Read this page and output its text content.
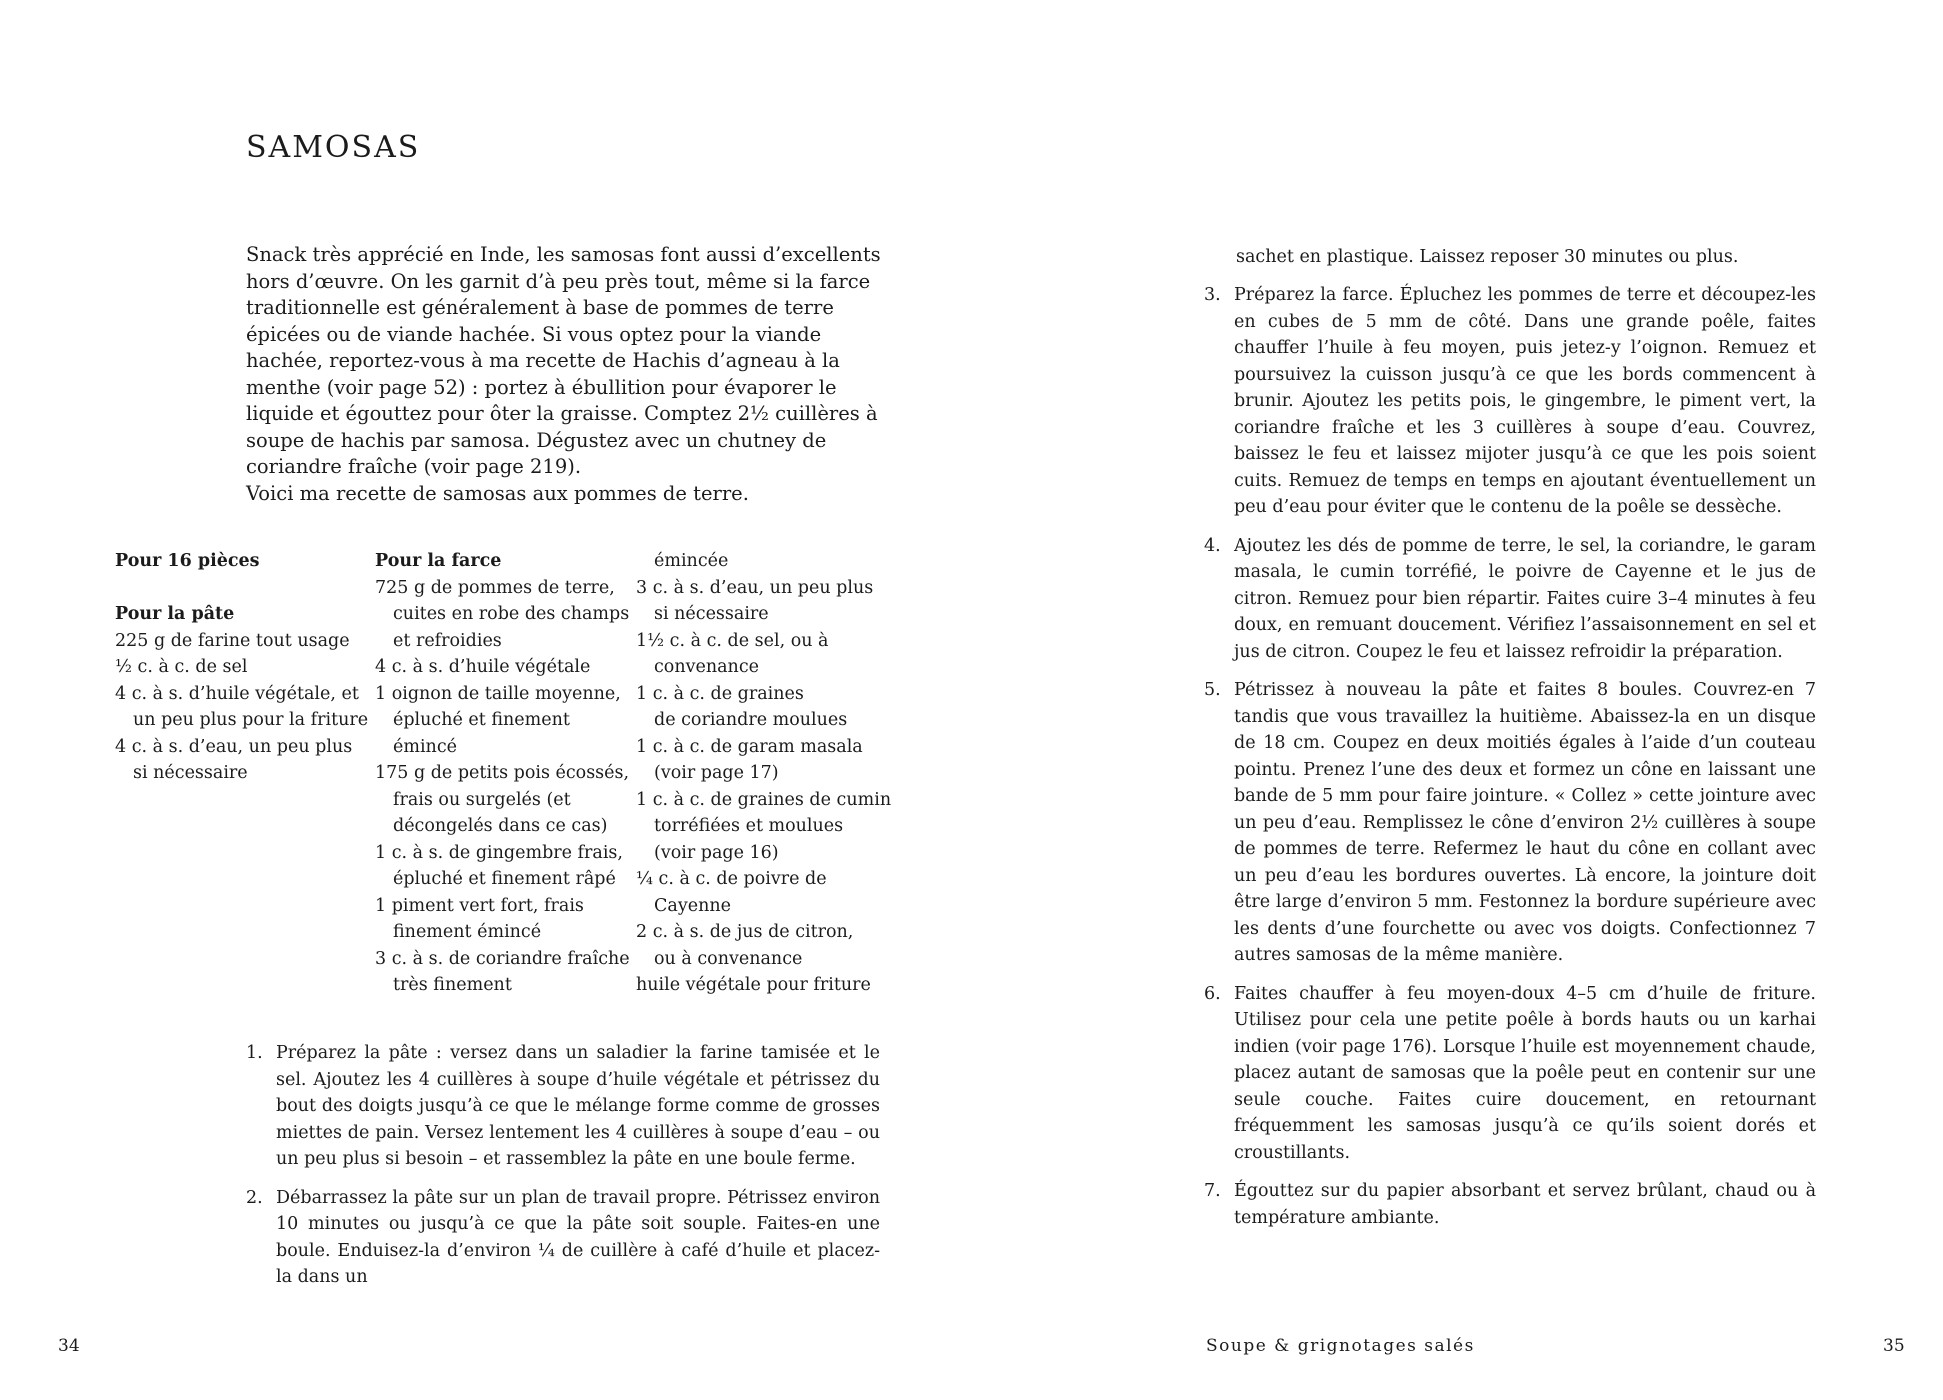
SAMOSAS

Snack très apprécié en Inde, les samosas font aussi d’excellents hors d’œuvre. On les garnit d’à peu près tout, même si la farce traditionnelle est généralement à base de pommes de terre épicées ou de viande hachée. Si vous optez pour la viande hachée, reportez-vous à ma recette de Hachis d’agneau à la menthe (voir page 52) : portez à ébullition pour évaporer le liquide et égouttez pour ôter la graisse. Comptez 2½ cuillères à soupe de hachis par samosa. Dégustez avec un chutney de coriandre fraîche (voir page 219).

Voici ma recette de samosas aux pommes de terre.

Pour 16 pièces
Pour la pâte
225 g de farine tout usage
½ c. à c. de sel
4 c. à s. d’huile végétale, et
un peu plus pour la friture
4 c. à s. d’eau, un peu plus
si nécessaire
Pour la farce
725 g de pommes de terre,
cuites en robe des champs
et refroidies
4 c. à s. d’huile végétale
1 oignon de taille moyenne,
épluché et finement
émincé
175 g de petits pois écossés,
frais ou surgelés (et
décongelés dans ce cas)
1 c. à s. de gingembre frais,
épluché et finement râpé
1 piment vert fort, frais
finement émincé
3 c. à s. de coriandre fraîche
très finement
émincée
3 c. à s. d’eau, un peu plus
si nécessaire
1½ c. à c. de sel, ou à
convenance
1 c. à c. de graines
de coriandre moulues
1 c. à c. de garam masala
(voir page 17)
1 c. à c. de graines de cumin
torréfiées et moulues
(voir page 16)
¼ c. à c. de poivre de
Cayenne
2 c. à s. de jus de citron,
ou à convenance
huile végétale pour friture
1. Préparez la pâte : versez dans un saladier la farine tamisée et le sel. Ajoutez les 4 cuillères à soupe d’huile végétale et pétrissez du bout des doigts jusqu’à ce que le mélange forme comme de grosses miettes de pain. Versez lentement les 4 cuillères à soupe d’eau – ou un peu plus si besoin – et rassemblez la pâte en une boule ferme.
2. Débarrassez la pâte sur un plan de travail propre. Pétrissez environ 10 minutes ou jusqu’à ce que la pâte soit souple. Faites-en une boule. Enduisez-la d’environ ¼ de cuillère à café d’huile et placez-la dans un
34
sachet en plastique. Laissez reposer 30 minutes ou plus.
3. Préparez la farce. Épluchez les pommes de terre et découpez-les en cubes de 5 mm de côté. Dans une grande poêle, faites chauffer l’huile à feu moyen, puis jetez-y l’oignon. Remuez et poursuivez la cuisson jusqu’à ce que les bords commencent à brunir. Ajoutez les petits pois, le gingembre, le piment vert, la coriandre fraîche et les 3 cuillères à soupe d’eau. Couvrez, baissez le feu et laissez mijoter jusqu’à ce que les pois soient cuits. Remuez de temps en temps en ajoutant éventuellement un peu d’eau pour éviter que le contenu de la poêle se dessèche.
4. Ajoutez les dés de pomme de terre, le sel, la coriandre, le garam masala, le cumin torréfié, le poivre de Cayenne et le jus de citron. Remuez pour bien répartir. Faites cuire 3–4 minutes à feu doux, en remuant doucement. Vérifiez l’assaisonnement en sel et jus de citron. Coupez le feu et laissez refroidir la préparation.
5. Pétrissez à nouveau la pâte et faites 8 boules. Couvrez-en 7 tandis que vous travaillez la huitième. Abaissez-la en un disque de 18 cm. Coupez en deux moitiés égales à l’aide d’un couteau pointu. Prenez l’une des deux et formez un cône en laissant une bande de 5 mm pour faire jointure. « Collez » cette jointure avec un peu d’eau. Remplissez le cône d’environ 2½ cuillères à soupe de pommes de terre. Refermez le haut du cône en collant avec un peu d’eau les bordures ouvertes. Là encore, la jointure doit être large d’environ 5 mm. Festonnez la bordure supérieure avec les dents d’une fourchette ou avec vos doigts. Confectionnez 7 autres samosas de la même manière.
6. Faites chauffer à feu moyen-doux 4–5 cm d’huile de friture. Utilisez pour cela une petite poêle à bords hauts ou un karhai indien (voir page 176). Lorsque l’huile est moyennement chaude, placez autant de samosas que la poêle peut en contenir sur une seule couche. Faites cuire doucement, en retournant fréquemment les samosas jusqu’à ce qu’ils soient dorés et croustillants.
7. Égouttez sur du papier absorbant et servez brûlant, chaud ou à température ambiante.
Soupe & grignotages salés	35
